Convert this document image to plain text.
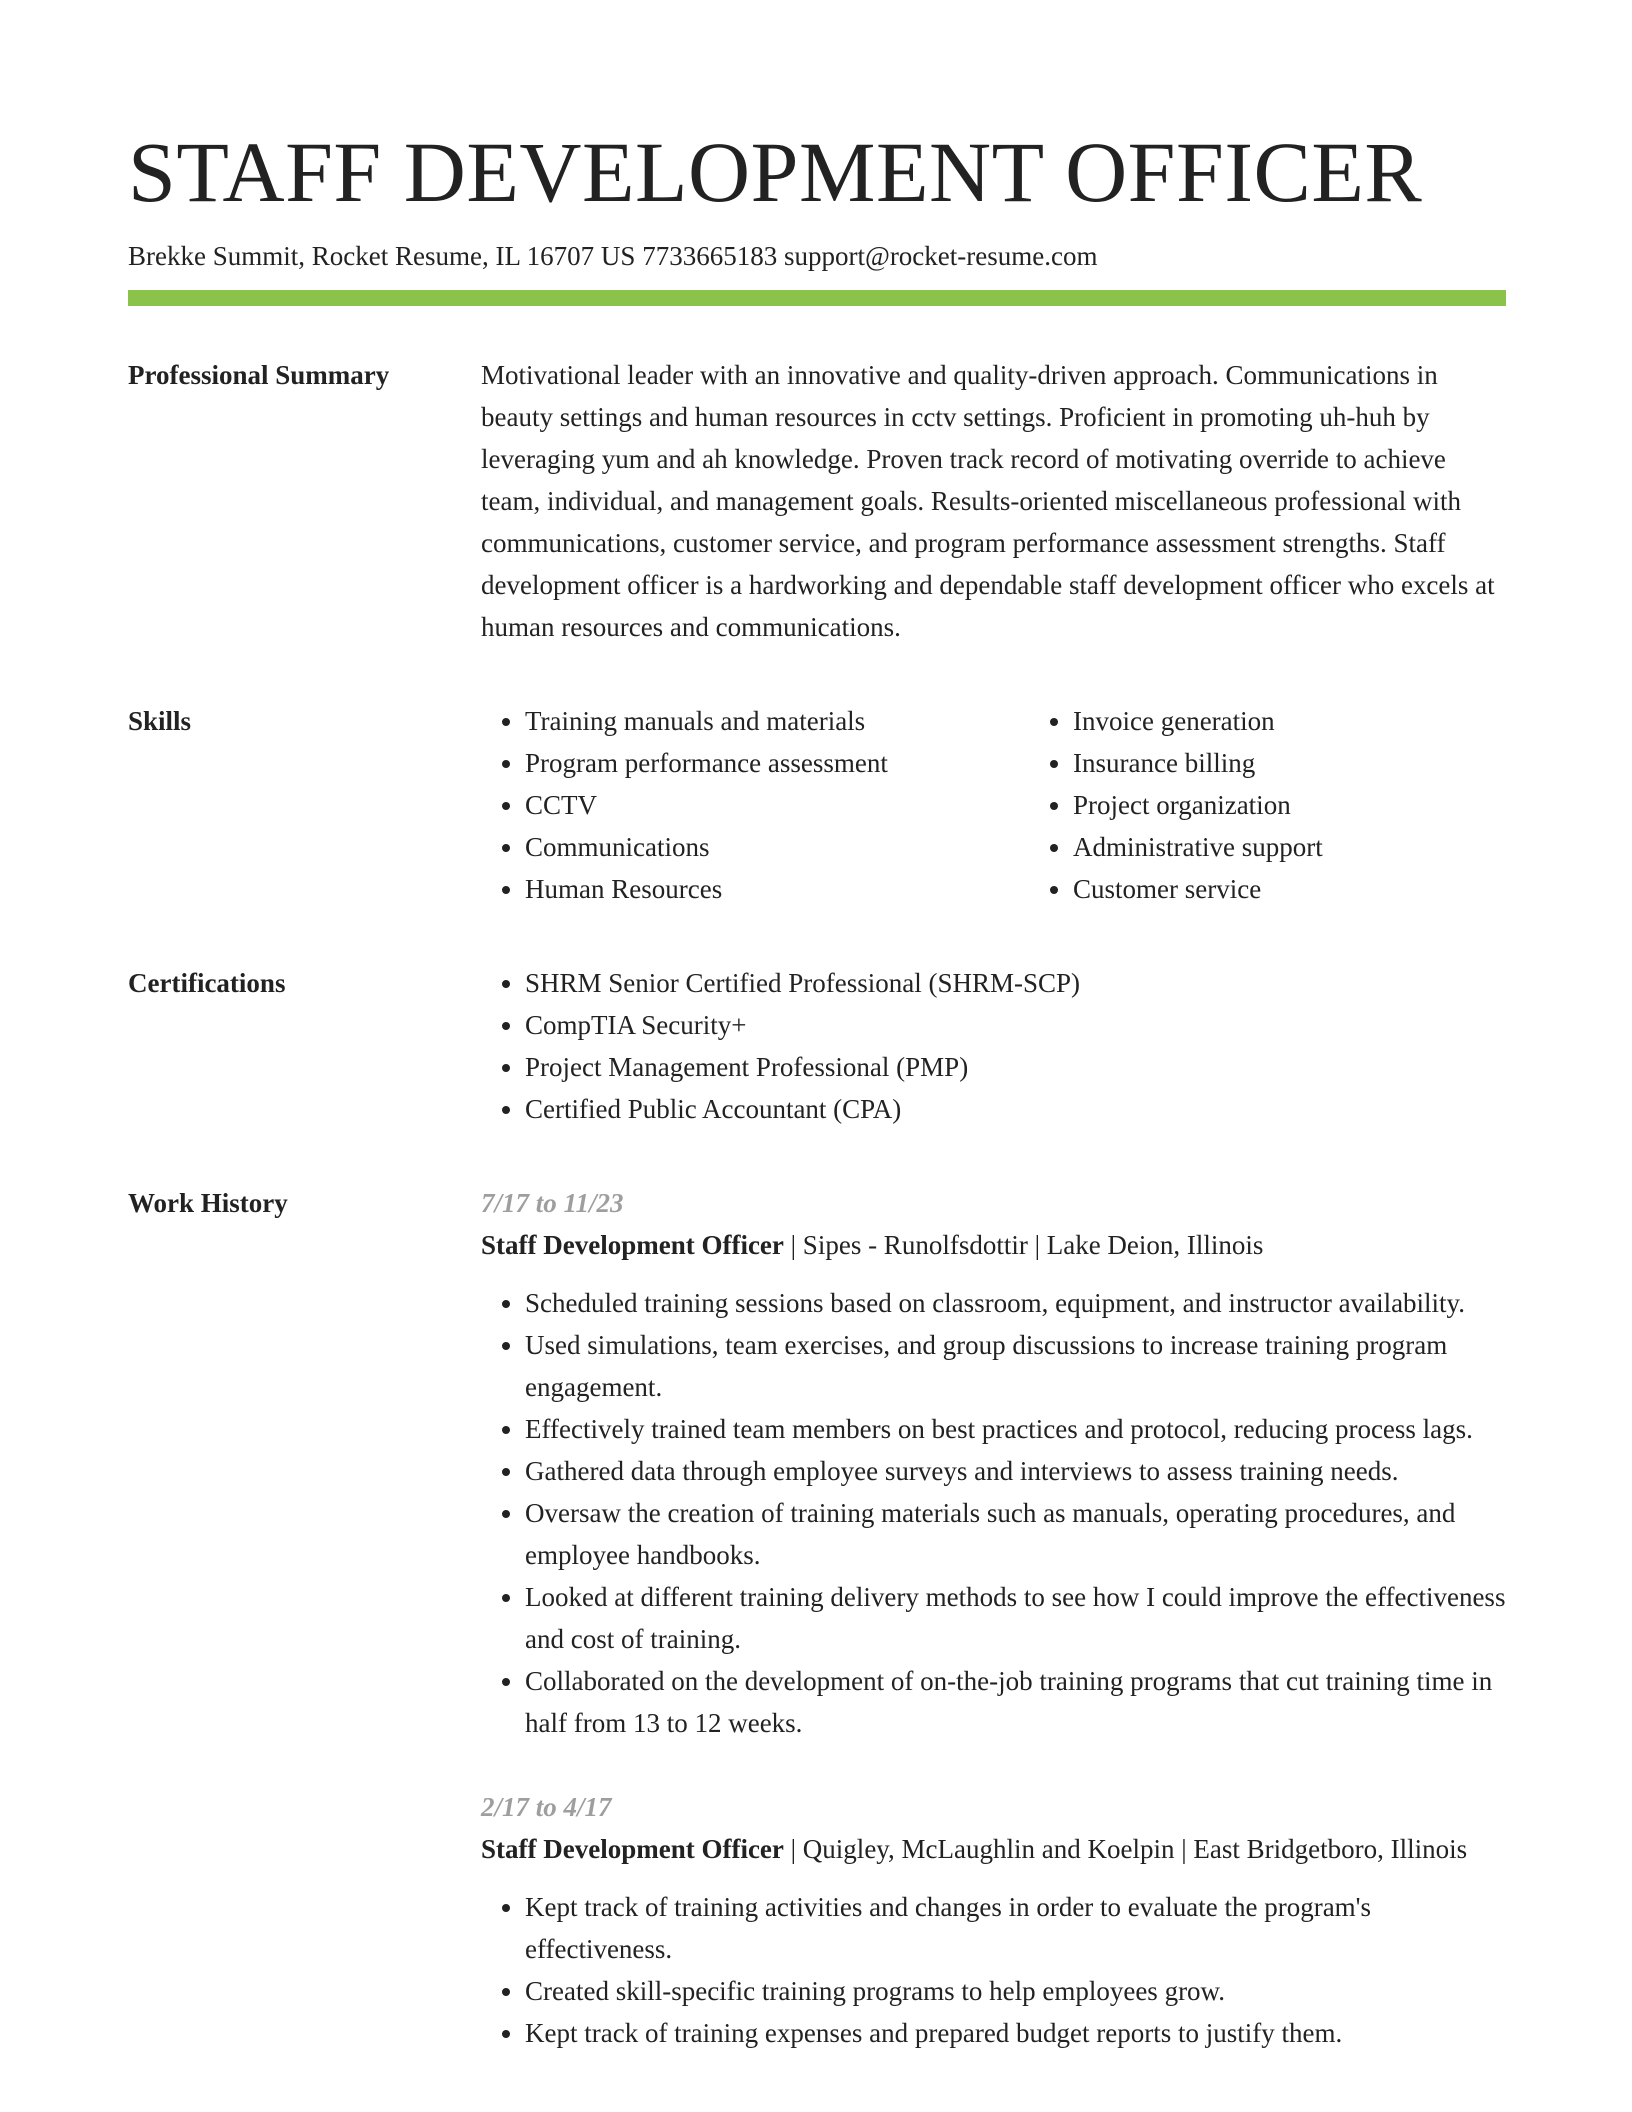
STAFF DEVELOPMENT OFFICER
Brekke Summit, Rocket Resume, IL 16707 US 7733665183 support@rocket-resume.com
Professional Summary	Motivational leader with an innovative and quality-driven approach. Communications in beauty settings and human resources in cctv settings. Proficient in promoting uh-huh by leveraging yum and ah knowledge. Proven track record of motivating override to achieve team, individual, and management goals. Results-oriented miscellaneous professional with communications, customer service, and program performance assessment strengths. Staff development officer is a hardworking and dependable staff development officer who excels at human resources and communications.

Skills	• Training manuals and materials
• Program performance assessment
• CCTV
• Communications
• Human Resources
• Invoice generation
• Insurance billing
• Project organization
• Administrative support
• Customer service
Certifications	• SHRM Senior Certified Professional (SHRM-SCP)
• CompTIA Security+
• Project Management Professional (PMP)
• Certified Public Accountant (CPA)
Work History	7/17 to 11/23
Staff Development Officer | Sipes - Runolfsdottir | Lake Deion, Illinois
• Scheduled training sessions based on classroom, equipment, and instructor availability.
• Used simulations, team exercises, and group discussions to increase training program engagement.
• Effectively trained team members on best practices and protocol, reducing process lags.
• Gathered data through employee surveys and interviews to assess training needs.
• Oversaw the creation of training materials such as manuals, operating procedures, and employee handbooks.
• Looked at different training delivery methods to see how I could improve the effectiveness and cost of training.
• Collaborated on the development of on-the-job training programs that cut training time in half from 13 to 12 weeks.
2/17 to 4/17
Staff Development Officer | Quigley, McLaughlin and Koelpin | East Bridgetboro, Illinois
• Kept track of training activities and changes in order to evaluate the program's effectiveness.
• Created skill-specific training programs to help employees grow.
• Kept track of training expenses and prepared budget reports to justify them.
